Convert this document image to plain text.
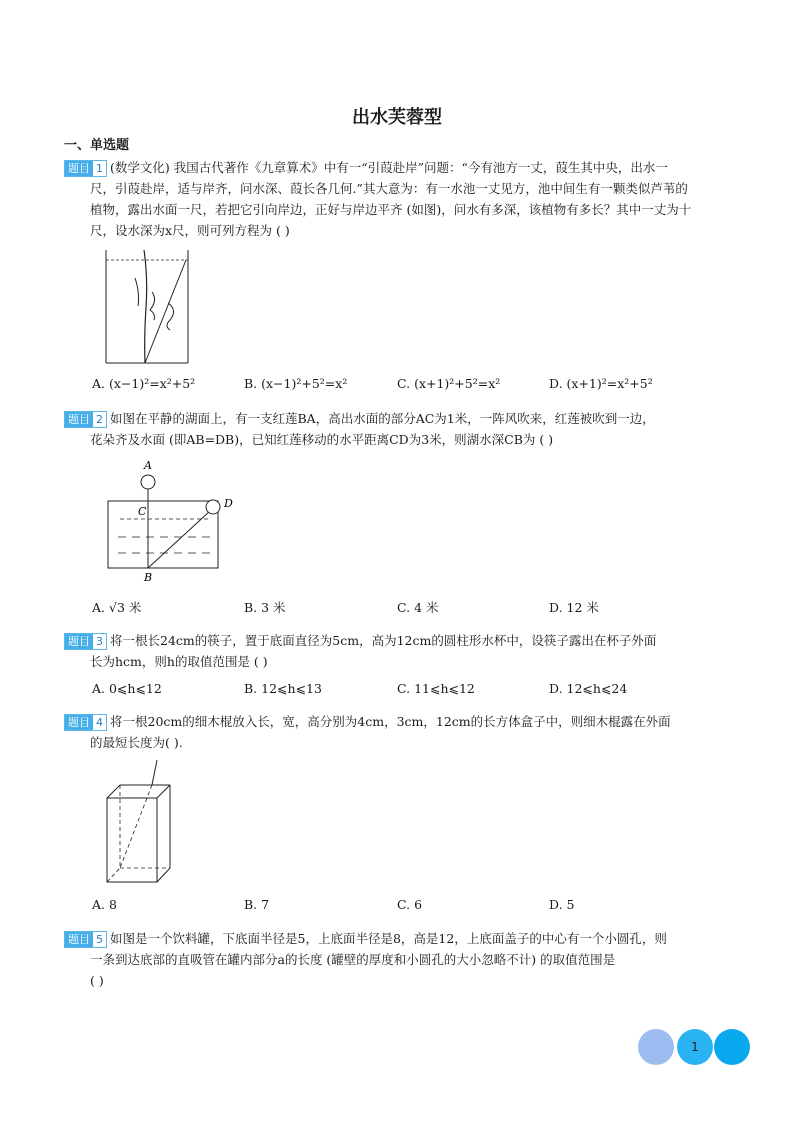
出水芙蓉型
一、单选题
题目 1 (数学文化) 我国古代著作《九章算术》中有一“引葭赴岸”问题：“今有池方一丈，葭生其中央，出水一
尺，引葭赴岸，适与岸齐，问水深、葭长各几何.”其大意为：有一水池一丈见方，池中间生有一颗类似芦苇的
植物，露出水面一尺，若把它引向岸边，正好与岸边平齐 (如图)，问水有多深，该植物有多长？其中一丈为十
尺，设水深为x尺，则可列方程为 ( )
A. (x−1)²=x²+5²	B. (x−1)²+5²=x²	C. (x+1)²+5²=x²	D. (x+1)²=x²+5²
题目 2 如图在平静的湖面上，有一支红莲BA，高出水面的部分AC为1米，一阵风吹来，红莲被吹到一边，
花朵齐及水面 (即AB=DB)，已知红莲移动的水平距离CD为3米，则湖水深CB为 ( )
A
C
D
B
A. √3 米	B. 3 米	C. 4 米	D. 12 米
题目 3 将一根长24cm的筷子，置于底面直径为5cm，高为12cm的圆柱形水杯中，设筷子露出在杯子外面
长为hcm，则h的取值范围是 ( )
A. 0⩽h⩽12	B. 12⩽h⩽13	C. 11⩽h⩽12	D. 12⩽h⩽24
题目 4 将一根20cm的细木棍放入长，宽，高分别为4cm，3cm，12cm的长方体盒子中，则细木棍露在外面
的最短长度为( ).
A. 8	B. 7	C. 6	D. 5
题目 5 如图是一个饮料罐，下底面半径是5，上底面半径是8，高是12，上底面盖子的中心有一个小圆孔，则
一条到达底部的直吸管在罐内部分a的长度 (罐壁的厚度和小圆孔的大小忽略不计) 的取值范围是
( )
1
